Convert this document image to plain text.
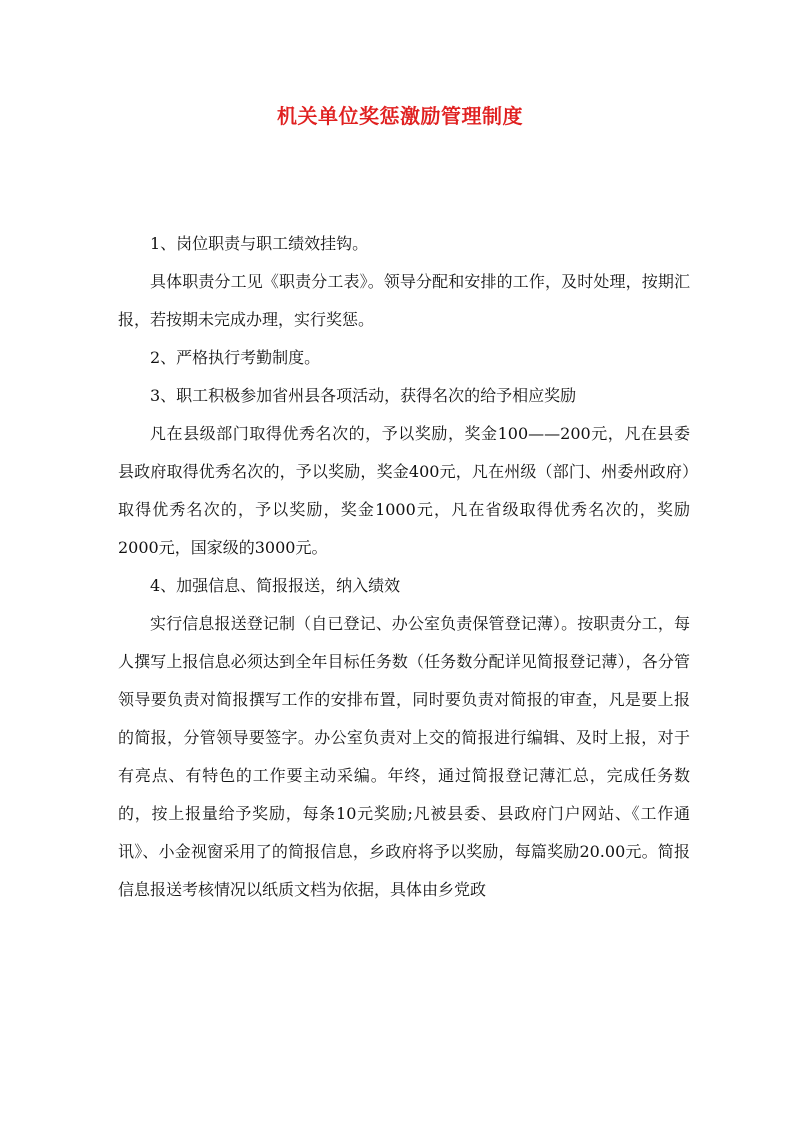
机关单位奖惩激励管理制度

1、岗位职责与职工绩效挂钩。

具体职责分工见《职责分工表》。领导分配和安排的工作，及时处理，按期汇报，若按期未完成办理，实行奖惩。

2、严格执行考勤制度。

3、职工积极参加省州县各项活动，获得名次的给予相应奖励

凡在县级部门取得优秀名次的，予以奖励，奖金100——200元，凡在县委县政府取得优秀名次的，予以奖励，奖金400元，凡在州级（部门、州委州政府）取得优秀名次的，予以奖励，奖金1000元，凡在省级取得优秀名次的，奖励2000元，国家级的3000元。

4、加强信息、简报报送，纳入绩效

实行信息报送登记制（自已登记、办公室负责保管登记薄）。按职责分工，每人撰写上报信息必须达到全年目标任务数（任务数分配详见简报登记薄），各分管领导要负责对简报撰写工作的安排布置，同时要负责对简报的审查，凡是要上报的简报，分管领导要签字。办公室负责对上交的简报进行编辑、及时上报，对于有亮点、有特色的工作要主动采编。年终，通过简报登记薄汇总，完成任务数的，按上报量给予奖励，每条10元奖励;凡被县委、县政府门户网站、《工作通讯》、小金视窗采用了的简报信息，乡政府将予以奖励，每篇奖励20.00元。简报信息报送考核情况以纸质文档为依据，具体由乡党政
